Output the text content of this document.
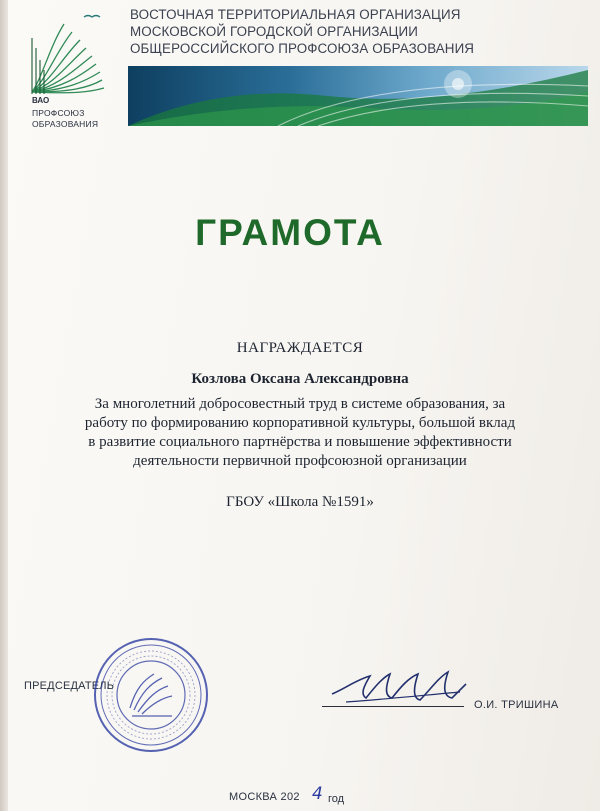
ВАО
ПРОФСОЮЗ
ОБРАЗОВАНИЯ
ВОСТОЧНАЯ ТЕРРИТОРИАЛЬНАЯ ОРГАНИЗАЦИЯ
МОСКОВСКОЙ ГОРОДСКОЙ ОРГАНИЗАЦИИ
ОБЩЕРОССИЙСКОГО ПРОФСОЮЗА ОБРАЗОВАНИЯ
ГРАМОТА
НАГРАЖДАЕТСЯ
Козлова Оксана Александровна
За многолетний добросовестный труд в системе образования, за
работу по формированию корпоративной культуры, большой вклад
в развитие социального партнёрства и повышение эффективности
деятельности первичной профсоюзной организации
ГБОУ «Школа №1591»
ПРЕДСЕДАТЕЛЬ
О.И. ТРИШИНА
МОСКВА 202 4 год
